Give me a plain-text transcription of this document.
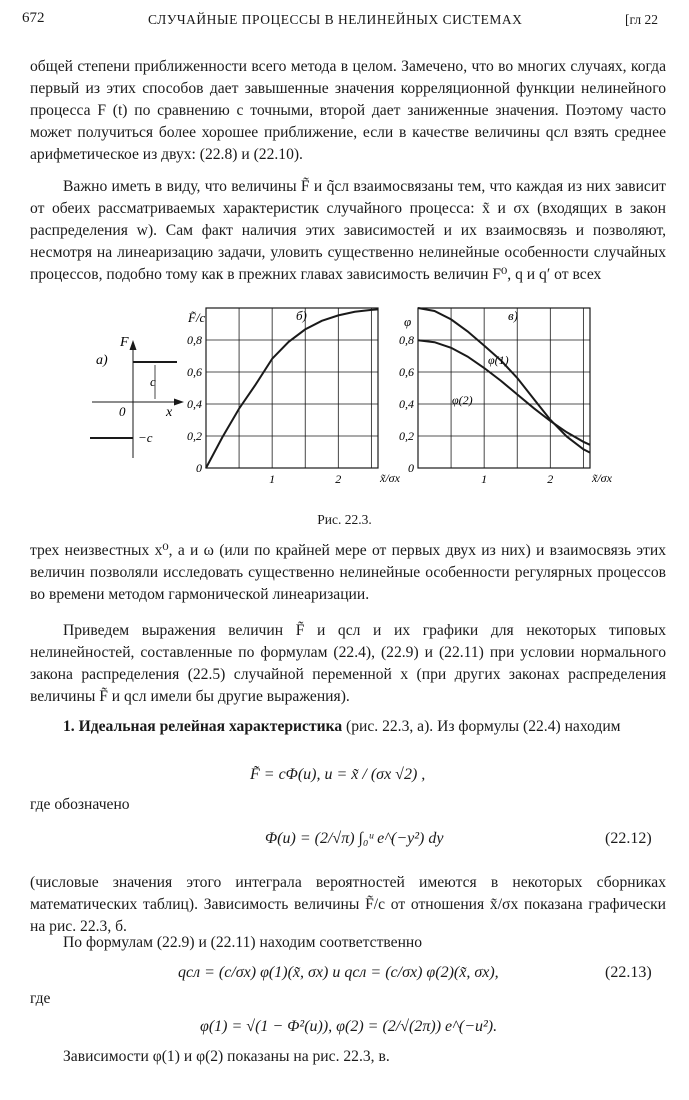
672	СЛУЧАЙНЫЕ ПРОЦЕССЫ В НЕЛИНЕЙНЫХ СИСТЕМАХ	[гл 22

общей степени приближенности всего метода в целом. Замечено, что во многих случаях, когда первый из этих способов дает завышенные значения корреляционной функции нелинейного процесса F (t) по сравнению с точными, второй дает заниженные значения. Поэтому часто может получиться более хорошее приближение, если в качестве величины qсл взять среднее арифметическое из двух: (22.8) и (22.10).

Важно иметь в виду, что величины F̃ и q̃сл взаимосвязаны тем, что каждая из них зависит от обеих рассматриваемых характеристик случайного процесса: x̃ и σx (входящих в закон распределения w). Сам факт наличия этих зависимостей и их взаимосвязь и позволяют, несмотря на линеаризацию задачи, уловить существенно нелинейные особенности случайных процессов, подобно тому как в прежних главах зависимость величин F⁰, q и q′ от всех

а)
F
x
0
c
−c
0
0,2
0,4
0,6
0,8
1	2
б)
F̃/c
x̃/σx
0
0,2
0,4
0,6
0,8
1	2
в)
φ
x̃/σx
φ(1)
φ(2)
Рис. 22.3.

трех неизвестных x⁰, a и ω (или по крайней мере от первых двух из них) и взаимосвязь этих величин позволяли исследовать существенно нелинейные особенности регулярных процессов во времени методом гармонической линеаризации.

Приведем выражения величин F̃ и qсл и их графики для некоторых типовых нелинейностей, составленные по формулам (22.4), (22.9) и (22.11) при условии нормального закона распределения (22.5) случайной переменной x (при других законах распределения величины F̃ и qсл имели бы другие выражения).

1. Идеальная релейная характеристика (рис. 22.3, а). Из формулы (22.4) находим

F̃ = cΦ(u), u = x̃ / (σx √2) ,
где обозначено
Φ(u) = (2/√π) ∫₀ᵘ e^(−y²) dy	(22.12)

(числовые значения этого интеграла вероятностей имеются в некоторых сборниках математических таблиц). Зависимость величины F̃/c от отношения x̃/σx показана графически на рис. 22.3, б.

По формулам (22.9) и (22.11) находим соответственно

qсл = (c/σx) φ(1)(x̃, σx) и qсл = (c/σx) φ(2)(x̃, σx),	(22.13)
где
φ(1) = √(1 − Φ²(u)), φ(2) = (2/√(2π)) e^(−u²).

Зависимости φ(1) и φ(2) показаны на рис. 22.3, в.
